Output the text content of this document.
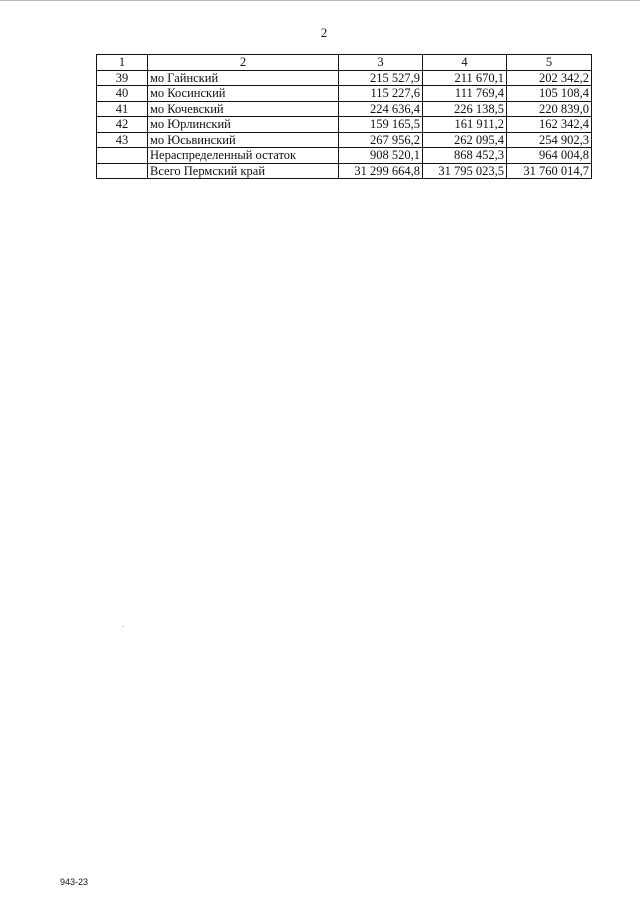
2
1	2	3	4	5
39	мо Гайнский	215 527,9	211 670,1	202 342,2
40	мо Косинский	115 227,6	111 769,4	105 108,4
41	мо Кочевский	224 636,4	226 138,5	220 839,0
42	мо Юрлинский	159 165,5	161 911,2	162 342,4
43	мо Юсьвинский	267 956,2	262 095,4	254 902,3
	Нераспределенный остаток	908 520,1	868 452,3	964 004,8
	Всего Пермский край	31 299 664,8	31 795 023,5	31 760 014,7
943-23
